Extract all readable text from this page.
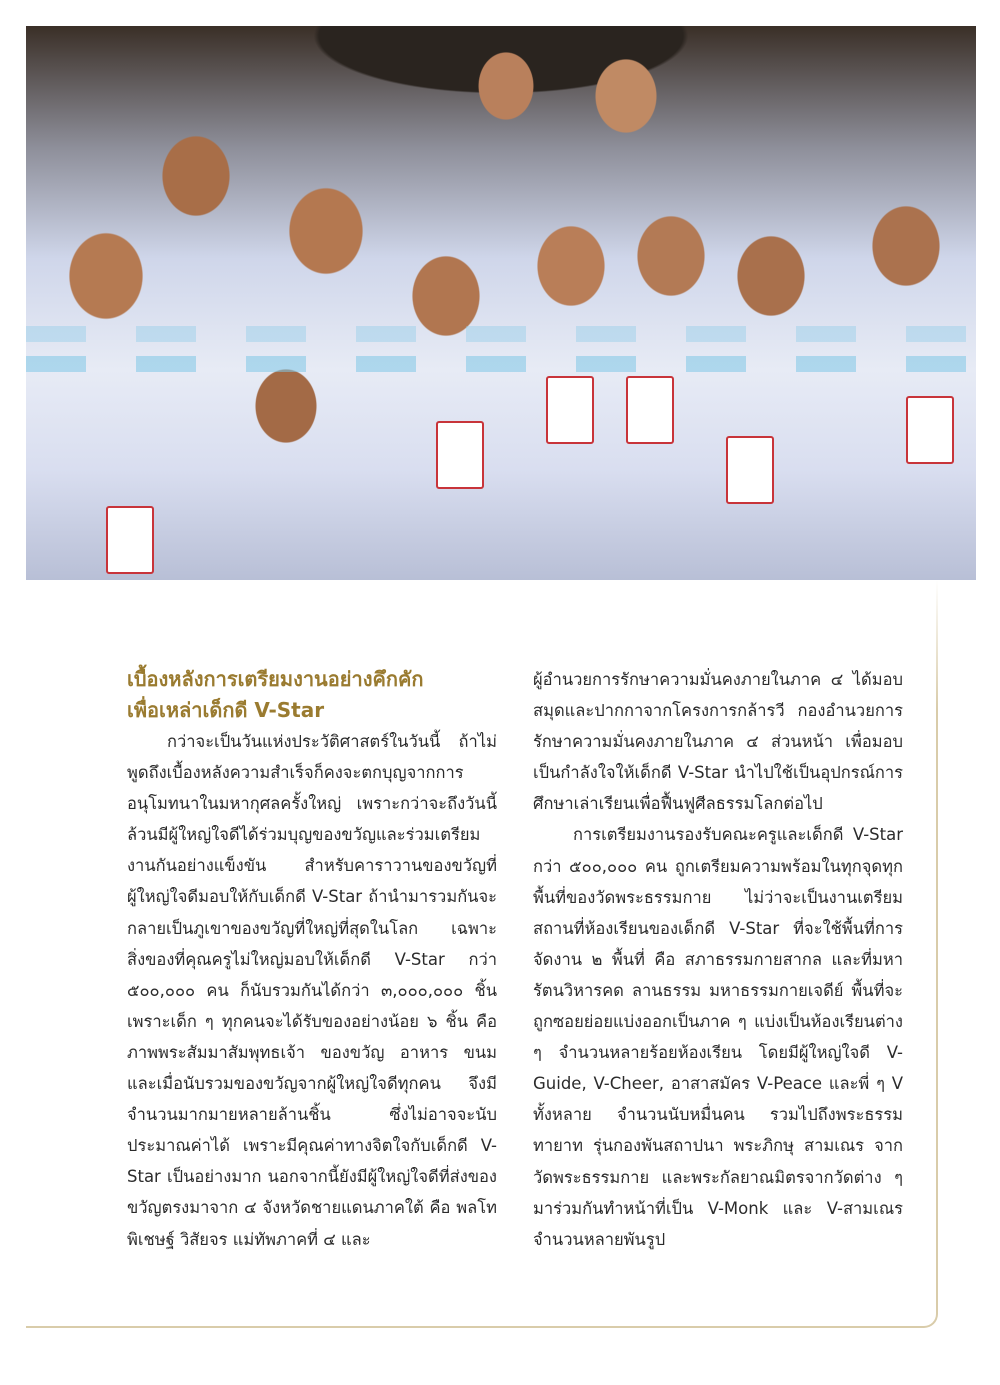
เบื้องหลังการเตรียมงานอย่างคึกคัก
เพื่อเหล่าเด็กดี V-Star

กว่าจะเป็นวันแห่งประวัติศาสตร์ในวันนี้ ถ้าไม่พูดถึงเบื้องหลังความสำเร็จก็คงจะตกบุญจากการอนุโมทนาในมหากุศลครั้งใหญ่ เพราะกว่าจะถึงวันนี้ล้วนมีผู้ใหญ่ใจดีได้ร่วมบุญของขวัญและร่วมเตรียมงานกันอย่างแข็งขัน สำหรับคาราวานของขวัญที่ผู้ใหญ่ใจดีมอบให้กับเด็กดี V-Star ถ้านำมารวมกันจะกลายเป็นภูเขาของขวัญที่ใหญ่ที่สุดในโลก เฉพาะสิ่งของที่คุณครูไม่ใหญ่มอบให้เด็กดี V-Star กว่า ๕๐๐,๐๐๐ คน ก็นับรวมกันได้กว่า ๓,๐๐๐,๐๐๐ ชิ้น เพราะเด็ก ๆ ทุกคนจะได้รับของอย่างน้อย ๖ ชิ้น คือ ภาพพระสัมมาสัมพุทธเจ้า ของขวัญ อาหาร ขนม และเมื่อนับรวมของขวัญจากผู้ใหญ่ใจดีทุกคน จึงมีจำนวนมากมายหลายล้านชิ้น ซึ่งไม่อาจจะนับประมาณค่าได้ เพราะมีคุณค่าทางจิตใจกับเด็กดี V-Star เป็นอย่างมาก นอกจากนี้ยังมีผู้ใหญ่ใจดีที่ส่งของขวัญตรงมาจาก ๔ จังหวัดชายแดนภาคใต้ คือ พลโทพิเชษฐ์ วิสัยจร แม่ทัพภาคที่ ๔ และ

ผู้อำนวยการรักษาความมั่นคงภายในภาค ๔ ได้มอบสมุดและปากกาจากโครงการกล้ารวี กองอำนวยการรักษาความมั่นคงภายในภาค ๔ ส่วนหน้า เพื่อมอบเป็นกำลังใจให้เด็กดี V-Star นำไปใช้เป็นอุปกรณ์การศึกษาเล่าเรียนเพื่อฟื้นฟูศีลธรรมโลกต่อไป

การเตรียมงานรองรับคณะครูและเด็กดี V-Star กว่า ๕๐๐,๐๐๐ คน ถูกเตรียมความพร้อมในทุกจุดทุกพื้นที่ของวัดพระธรรมกาย ไม่ว่าจะเป็นงานเตรียมสถานที่ห้องเรียนของเด็กดี V-Star ที่จะใช้พื้นที่การจัดงาน ๒ พื้นที่ คือ สภาธรรมกายสากล และที่มหารัตนวิหารคด ลานธรรม มหาธรรมกายเจดีย์ พื้นที่จะถูกซอยย่อยแบ่งออกเป็นภาค ๆ แบ่งเป็นห้องเรียนต่าง ๆ จำนวนหลายร้อยห้องเรียน โดยมีผู้ใหญ่ใจดี V-Guide, V-Cheer, อาสาสมัคร V-Peace และพี่ ๆ V ทั้งหลาย จำนวนนับหมื่นคน รวมไปถึงพระธรรมทายาท รุ่นกองพันสถาปนา พระภิกษุ สามเณร จากวัดพระธรรมกาย และพระกัลยาณมิตรจากวัดต่าง ๆ มาร่วมกันทำหน้าที่เป็น V-Monk และ V-สามเณร จำนวนหลายพันรูป
